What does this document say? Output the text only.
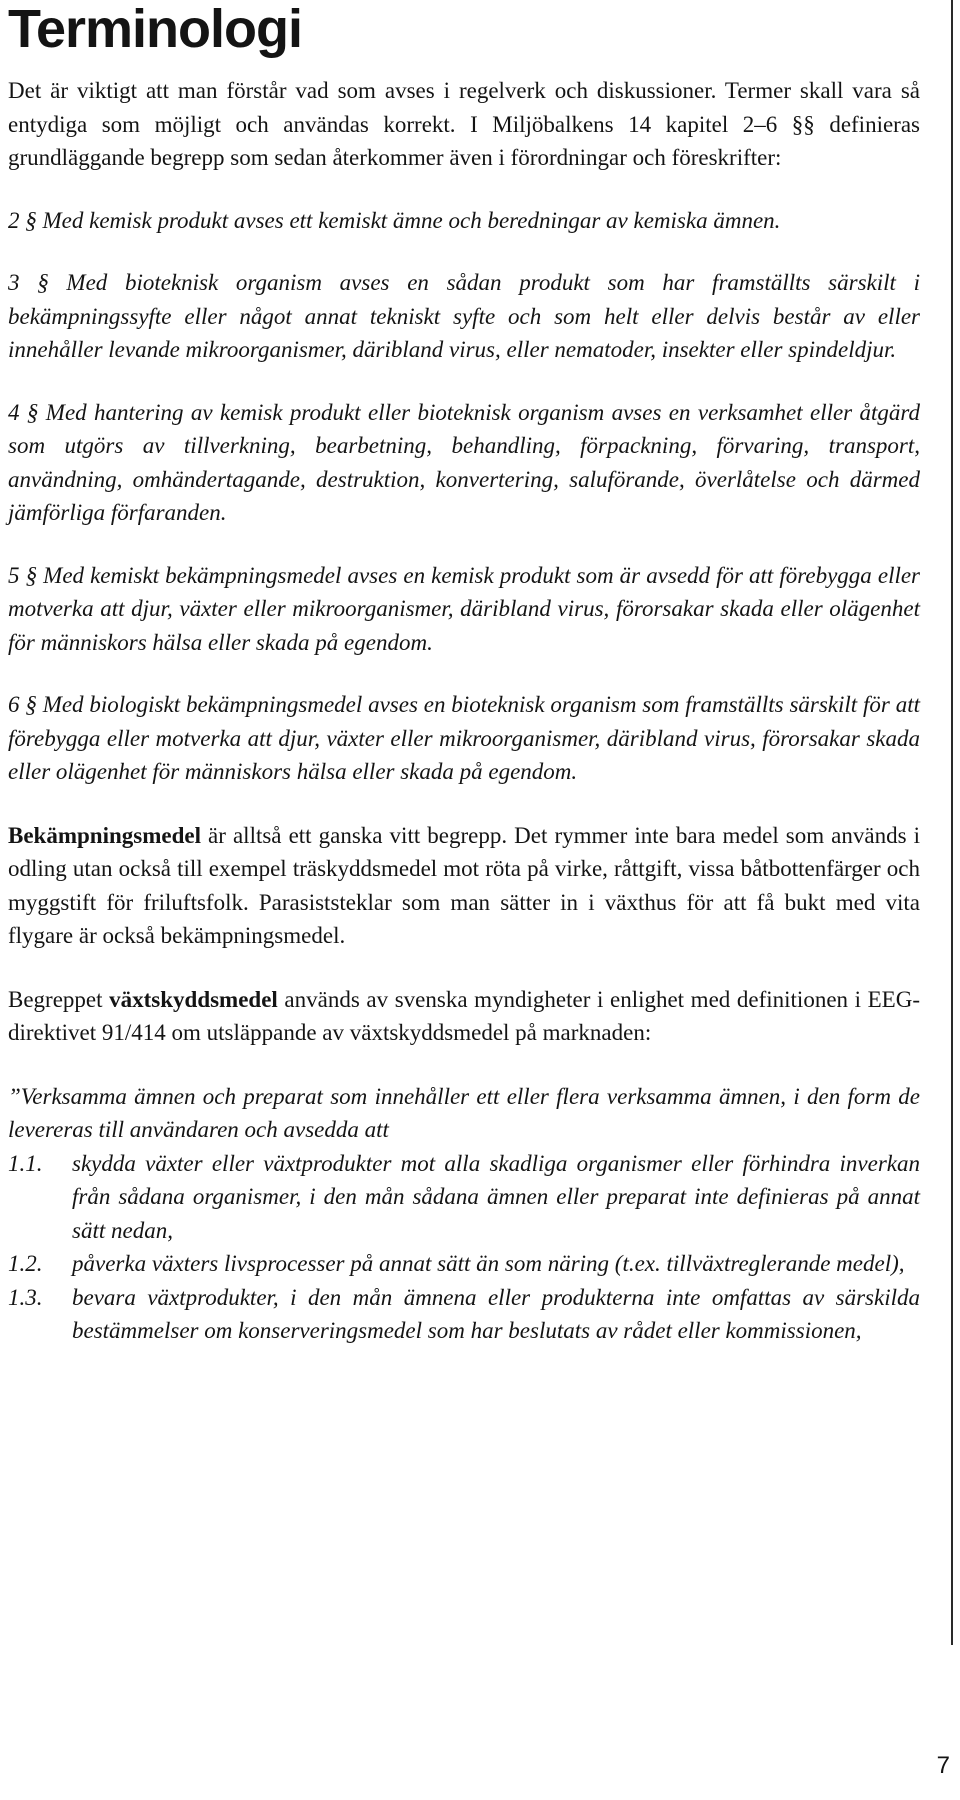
Terminologi

Det är viktigt att man förstår vad som avses i regelverk och diskussioner. Termer skall vara så entydiga som möjligt och användas korrekt. I Miljöbalkens 14 kapitel 2–6 §§ definieras grundläggande begrepp som sedan återkommer även i förordningar och föreskrifter:

2 § Med kemisk produkt avses ett kemiskt ämne och beredningar av kemiska ämnen.

3 § Med bioteknisk organism avses en sådan produkt som har framställts särskilt i bekämpningssyfte eller något annat tekniskt syfte och som helt eller delvis består av eller innehåller levande mikroorganismer, däribland virus, eller nematoder, insekter eller spindeldjur.

4 § Med hantering av kemisk produkt eller bioteknisk organism avses en verksamhet eller åtgärd som utgörs av tillverkning, bearbetning, behandling, förpackning, förvaring, transport, användning, omhändertagande, destruktion, konvertering, saluförande, överlåtelse och därmed jämförliga förfaranden.

5 § Med kemiskt bekämpningsmedel avses en kemisk produkt som är avsedd för att förebygga eller motverka att djur, växter eller mikroorganismer, däribland virus, förorsakar skada eller olägenhet för människors hälsa eller skada på egendom.

6 § Med biologiskt bekämpningsmedel avses en bioteknisk organism som framställts särskilt för att förebygga eller motverka att djur, växter eller mikroorganismer, däribland virus, förorsakar skada eller olägenhet för människors hälsa eller skada på egendom.

Bekämpningsmedel är alltså ett ganska vitt begrepp. Det rymmer inte bara medel som används i odling utan också till exempel träskyddsmedel mot röta på virke, råttgift, vissa båtbottenfärger och myggstift för friluftsfolk. Parasiststeklar som man sätter in i växthus för att få bukt med vita flygare är också bekämpningsmedel.

Begreppet växtskyddsmedel används av svenska myndigheter i enlighet med definitionen i EEG-direktivet 91/414 om utsläppande av växtskyddsmedel på marknaden:

”Verksamma ämnen och preparat som innehåller ett eller flera verksamma ämnen, i den form de levereras till användaren och avsedda att

1.1.	skydda växter eller växtprodukter mot alla skadliga organismer eller förhindra inverkan från sådana organismer, i den mån sådana ämnen eller preparat inte definieras på annat sätt nedan,
1.2.	påverka växters livsprocesser på annat sätt än som näring (t.ex. tillväxtreglerande medel),
1.3.	bevara växtprodukter, i den mån ämnena eller produkterna inte omfattas av särskilda bestämmelser om konserveringsmedel som har beslutats av rådet eller kommissionen,
7
